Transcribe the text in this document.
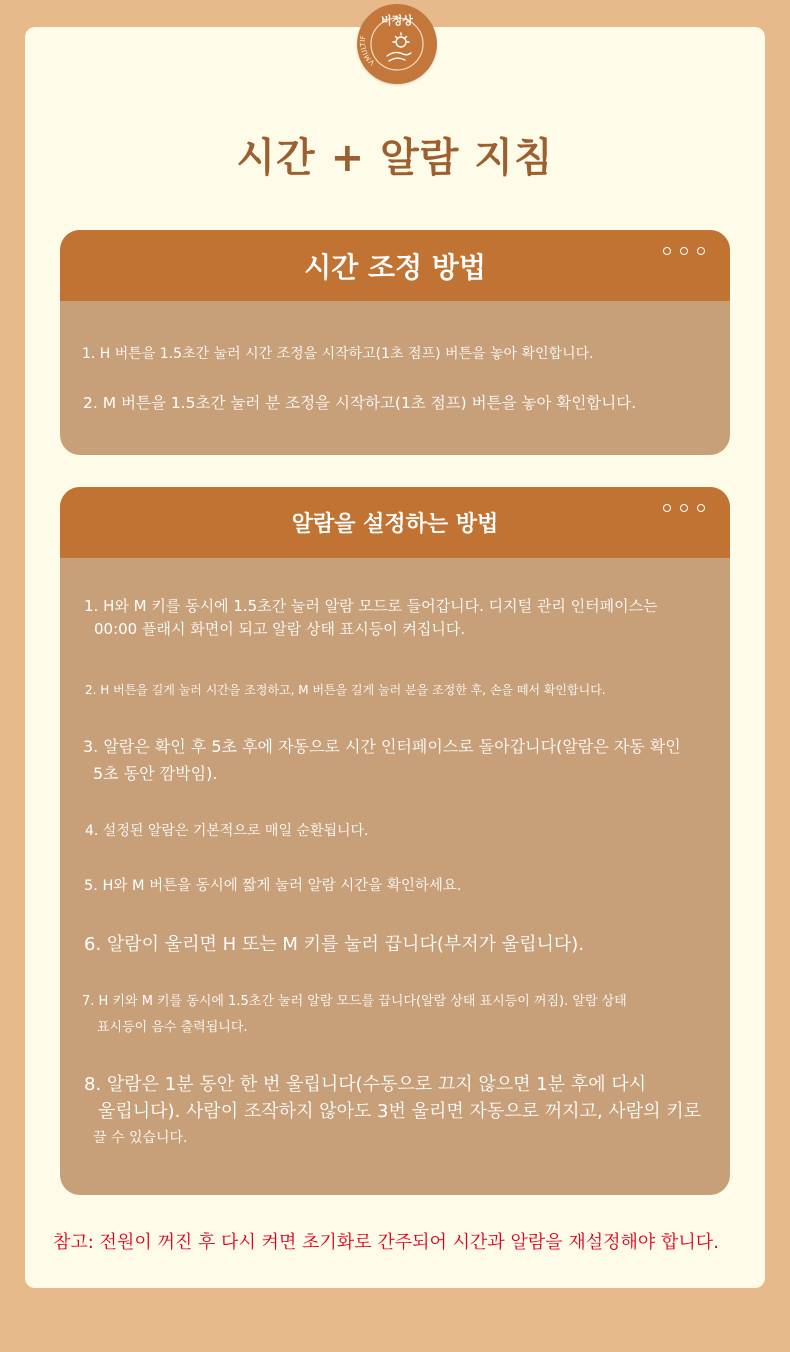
비정상
VMULTIF
시간 + 알람 지침
시간 조정 방법
1. H 버튼을 1.5초간 눌러 시간 조정을 시작하고(1초 점프) 버튼을 놓아 확인합니다.
2. M 버튼을 1.5초간 눌러 분 조정을 시작하고(1초 점프) 버튼을 놓아 확인합니다.
알람을 설정하는 방법
1. H와 M 키를 동시에 1.5초간 눌러 알람 모드로 들어갑니다. 디지털 관리 인터페이스는
00:00 플래시 화면이 되고 알람 상태 표시등이 켜집니다.
2. H 버튼을 길게 눌러 시간을 조정하고, M 버튼을 길게 눌러 분을 조정한 후, 손을 떼서 확인합니다.
3. 알람은 확인 후 5초 후에 자동으로 시간 인터페이스로 돌아갑니다(알람은 자동 확인
5초 동안 깜박임).
4. 설정된 알람은 기본적으로 매일 순환됩니다.
5. H와 M 버튼을 동시에 짧게 눌러 알람 시간을 확인하세요.
6. 알람이 울리면 H 또는 M 키를 눌러 끕니다(부저가 울립니다).
7. H 키와 M 키를 동시에 1.5초간 눌러 알람 모드를 끕니다(알람 상태 표시등이 꺼짐). 알람 상태
표시등이 음수 출력됩니다.
8. 알람은 1분 동안 한 번 울립니다(수동으로 끄지 않으면 1분 후에 다시
울립니다). 사람이 조작하지 않아도 3번 울리면 자동으로 꺼지고, 사람의 키로
끌 수 있습니다.
참고: 전원이 꺼진 후 다시 켜면 초기화로 간주되어 시간과 알람을 재설정해야 합니다.
